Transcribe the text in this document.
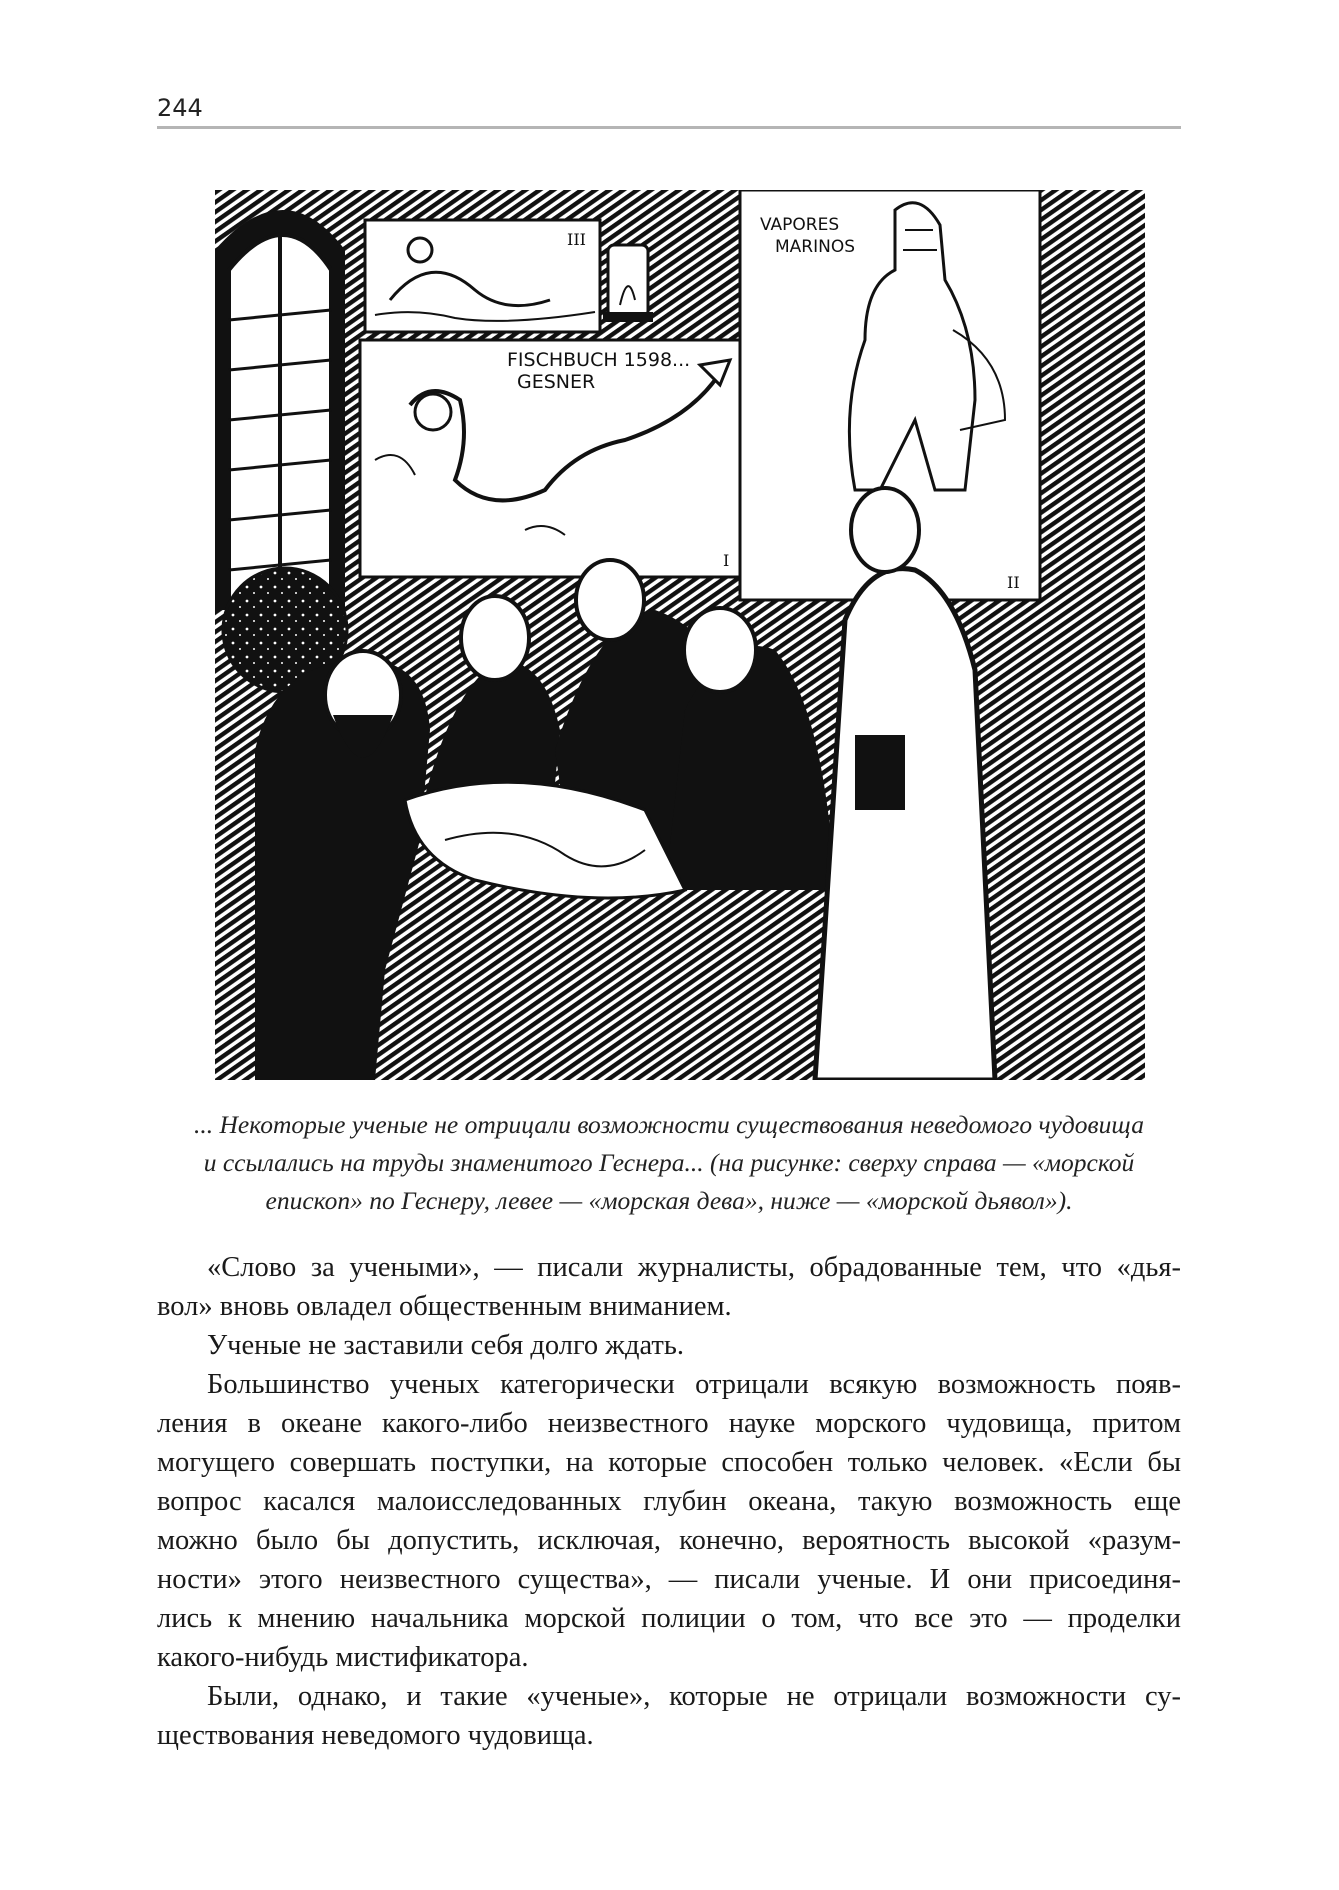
244
III
FISCHBUCH 1598...
GESNER
I
VAPORES
MARINOS
II
... Некоторые ученые не отрицали возможности существования неведомого чудовища
и ссылались на труды знаменитого Геснера... (на рисунке: сверху справа — «морской
епископ» по Геснеру, левее — «морская дева», ниже — «морской дьявол»).
«Слово за учеными», — писали журналисты, обрадованные тем, что «дья-
вол» вновь овладел общественным вниманием.
Ученые не заставили себя долго ждать.
Большинство ученых категорически отрицали всякую возможность появ-
ления в океане какого-либо неизвестного науке морского чудовища, притом
могущего совершать поступки, на которые способен только человек. «Если бы
вопрос касался малоисследованных глубин океана, такую возможность еще
можно было бы допустить, исключая, конечно, вероятность высокой «разум-
ности» этого неизвестного существа», — писали ученые. И они присоединя-
лись к мнению начальника морской полиции о том, что все это — проделки
какого-нибудь мистификатора.
Были, однако, и такие «ученые», которые не отрицали возможности су-
ществования неведомого чудовища.
